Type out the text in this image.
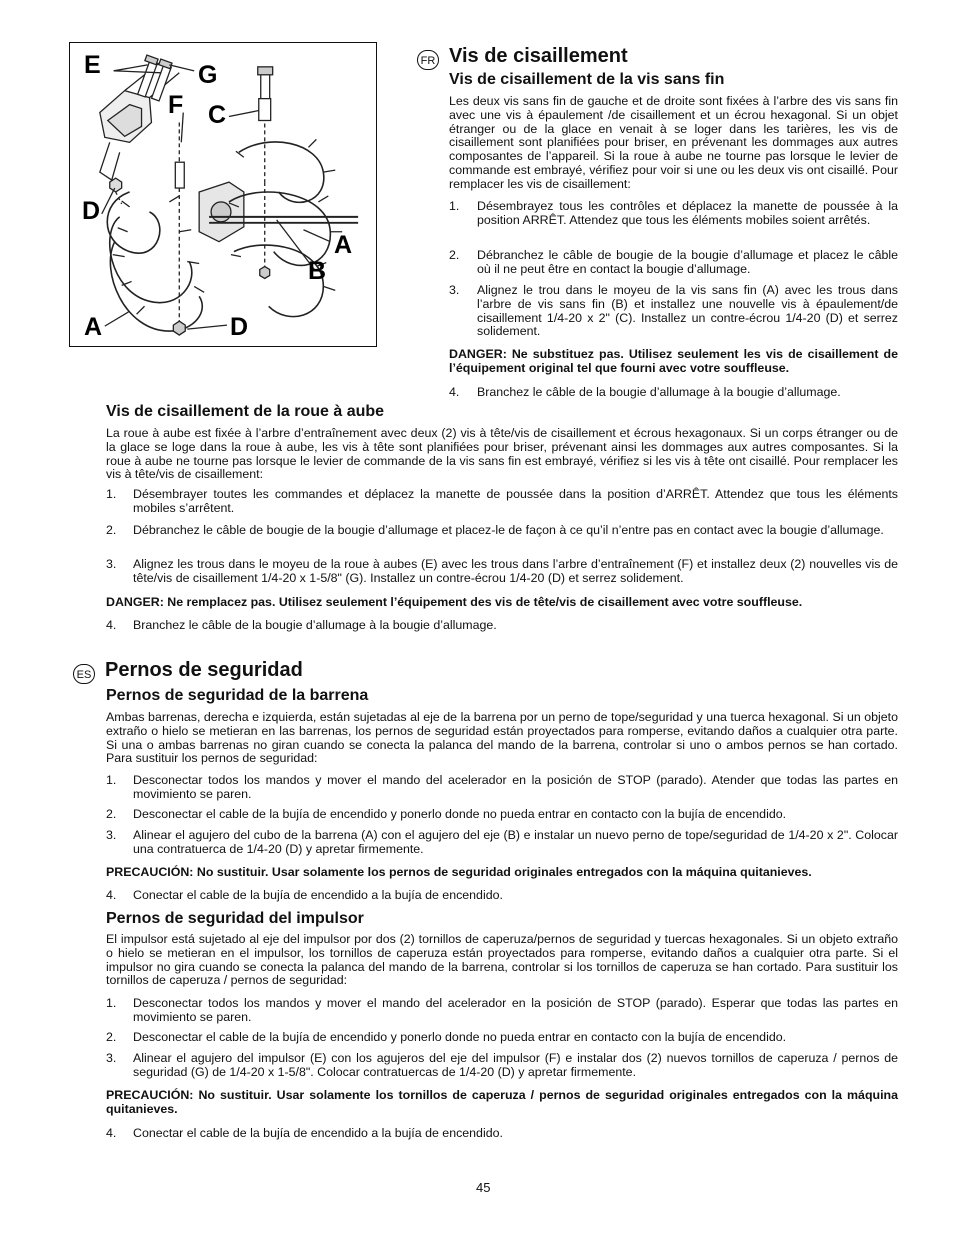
E	G
F C
D
A
B
A	D
FR Vis de cisaillement
Vis de cisaillement de la vis sans fin
Les deux vis sans fin de gauche et de droite sont fixées à l’arbre des vis sans fin avec une vis à épaulement /de cisaillement et un écrou hexagonal. Si un objet étranger ou de la glace en venait à se loger dans les tarières, les vis de cisaillement sont planifiées pour briser, en prévenant les dommages aux autres composantes de l’appareil. Si la roue à aube ne tourne pas lorsque le levier de commande est embrayé, vérifiez pour voir si une ou les deux vis ont cisaillé. Pour remplacer les vis de cisaillement:
1. Désembrayez tous les contrôles et déplacez la manette de poussée à la position ARRÊT. Attendez que tous les éléments mobiles soient arrêtés.
2. Débranchez le câble de bougie de la bougie d’allumage et placez le câble où il ne peut être en contact la bougie d’allumage.
3. Alignez le trou dans le moyeu de la vis sans fin (A) avec les trous dans l’arbre de vis sans fin (B) et installez une nouvelle vis à épaulement/de cisaillement 1/4-20 x 2" (C). Installez un contre-écrou 1/4-20 (D) et serrez solidement.
DANGER: Ne substituez pas. Utilisez seulement les vis de cisaillement de l’équipement original tel que fourni avec votre souffleuse.
4. Branchez le câble de la bougie d’allumage à la bougie d’allumage.
Vis de cisaillement de la roue à aube
La roue à aube est fixée à l’arbre d’entraînement avec deux (2) vis à tête/vis de cisaillement et écrous hexagonaux. Si un corps étranger ou de la glace se loge dans la roue à aube, les vis à tête sont planifiées pour briser, prévenant ainsi les dommages aux autres composantes. Si la roue à aube ne tourne pas lorsque le levier de commande de la vis sans fin est embrayé, vérifiez si les vis à tête ont cisaillé. Pour remplacer les vis à tête/vis de cisaillement:
1. Désembrayer toutes les commandes et déplacez la manette de poussée dans la position d’ARRÊT. Attendez que tous les éléments mobiles s’arrêtent.
2. Débranchez le câble de bougie de la bougie d’allumage et placez-le de façon à ce qu’il n’entre pas en contact avec la bougie d’allumage.
3. Alignez les trous dans le moyeu de la roue à aubes (E) avec les trous dans l’arbre d’entraînement (F) et installez deux (2) nouvelles vis de tête/vis de cisaillement 1/4-20 x 1-5/8" (G). Installez un contre-écrou 1/4-20 (D) et serrez solidement.
DANGER: Ne remplacez pas. Utilisez seulement l’équipement des vis de tête/vis de cisaillement avec votre souffleuse.
4. Branchez le câble de la bougie d’allumage à la bougie d’allumage.
ES Pernos de seguridad
Pernos de seguridad de la barrena
Ambas barrenas, derecha e izquierda, están sujetadas al eje de la barrena por un perno de tope/seguridad y una tuerca hexagonal. Si un objeto extraño o hielo se metieran en las barrenas, los pernos de seguridad están proyectados para romperse, evitando daños a cualquier otra parte. Si una o ambas barrenas no giran cuando se conecta la palanca del mando de la barrena, controlar si uno o ambos pernos se han cortado. Para sustituir los pernos de seguridad:
1. Desconectar todos los mandos y mover el mando del acelerador en la posición de STOP (parado). Atender que todas las partes en movimiento se paren.
2. Desconectar el cable de la bujía de encendido y ponerlo donde no pueda entrar en contacto con la bujía de encendido.
3. Alinear el agujero del cubo de la barrena (A) con el agujero del eje (B) e instalar un nuevo perno de tope/seguridad de 1/4-20 x 2". Colocar una contratuerca de 1/4-20 (D) y apretar firmemente.
PRECAUCIÓN: No sustituir. Usar solamente los pernos de seguridad originales entregados con la máquina quitanieves.
4. Conectar el cable de la bujía de encendido a la bujía de encendido.
Pernos de seguridad del impulsor
El impulsor está sujetado al eje del impulsor por dos (2) tornillos de caperuza/pernos de seguridad y tuercas hexagonales. Si un objeto extraño o hielo se metieran en el impulsor, los tornillos de caperuza están proyectados para romperse, evitando daños a cualquier otra parte. Si el impulsor no gira cuando se conecta la palanca del mando de la barrena, controlar si los tornillos de caperuza se han cortado. Para sustituir los tornillos de caperuza / pernos de seguridad:
1. Desconectar todos los mandos y mover el mando del acelerador en la posición de STOP (parado). Esperar que todas las partes en movimiento se paren.
2. Desconectar el cable de la bujía de encendido y ponerlo donde no pueda entrar en contacto con la bujía de encendido.
3. Alinear el agujero del impulsor (E) con los agujeros del eje del impulsor (F) e instalar dos (2) nuevos tornillos de caperuza / pernos de seguridad (G) de 1/4-20 x 1-5/8". Colocar contratuercas de 1/4-20 (D) y apretar firmemente.
PRECAUCIÓN: No sustituir. Usar solamente los tornillos de caperuza / pernos de seguridad originales entregados con la máquina quitanieves.
4. Conectar el cable de la bujía de encendido a la bujía de encendido.
45
